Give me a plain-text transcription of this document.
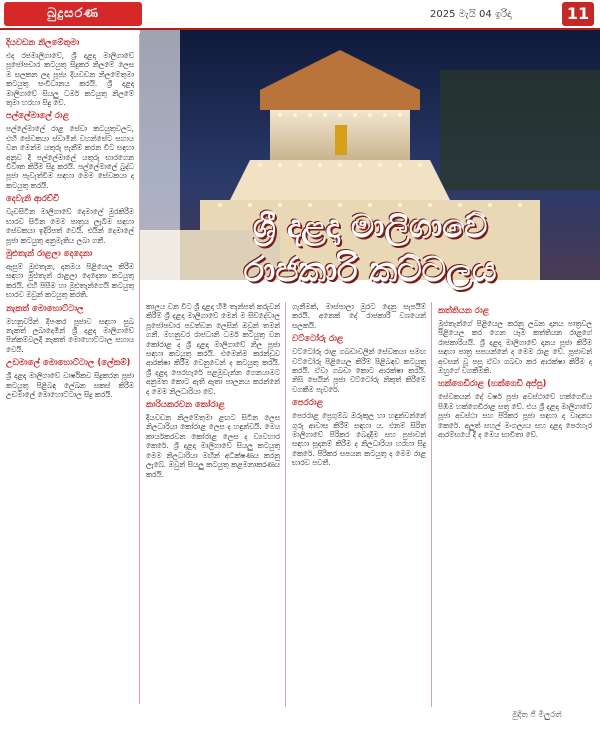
බුදුසරණ	2025 මැයි 04 ඉරිදා	11
ශ්‍රී දළදා මාලිගාවේ
රාජකාරි කට්ටලය
දියවඩන නිලමේතුමා

එදා රජමාලිගාවේ, ශ්‍රී දළදා මාලිගාවේ පූජෝපචාර කටයුතු සිදුකර නිලමේ ලෙස ම සලකන ලද පූජ්‍ය දියවඩන නිලමේතුමා කටයුතු සංවිධානය කරයි. ශ්‍රී දළදා මාලිගාවේ සියලු ධර්ම කටයුතු නිලමේ තුමා හරහා සිදු වේ.

පල්ලේමාලේ රාළ

පල්ලේමාලේ රාළ සේවා කටයුතුවලට, එහි සේවකයා ස්වාමීන් වහන්සේට සහාය වන මෙන්ම යතුරු පැනීම් කරන විට සඳහා අනුව දී පල්ලේමාලේ යතුරු භාරගෙන විවෘත කිරීම සිදු කරයි. පල්ලේමාලේ බුද්ධ පූජා පැවැත්වීම සඳහා මෙම සේවකයා ද කටයුතු කරයි.

දෙවැනි ආරච්චි

වැඩසිටින මාලිගාවේ දෙමාලේ මුරකිරීම භාරව සිටින මෙම පාත්‍රය ලැබීම සඳහා සේවකයා ඉදිරිපත් වෙයි. එයින් දෙමාලේ පූජා කටයුතු අනුමැතිය ලබා ගනී.

මුළුතැන් රාළලා දෙදෙනා

ඇසුම් මුළුතැන, දානමය පිළියෙල කිරීම සඳහා මුළුතැන් රාළලා දෙදෙනා කටයුතු කරයි. එහි පිසීම හා මුළුතැන්ගෙයි කටයුතු භාරව ඔවුන් කටයුතු කරති.

නැකත් මොහොට්ටාල

මහනුවරින් දීපංකර පූජාව සඳහා සුබ නැකත් ලබාදෙමින් ශ්‍රී දළදා මාලිගාවේ පින්කම්වලදී නැකත් මොහොට්ටාල සහාය වෙයි.

උඩමාලේ මොහොට්ටාල (ලේකම්)

ශ්‍රී දළදා මාලිගාවේ වාර්ෂිකව සිදුකරන පූජා කටයුතු පිළිබඳ ලේඛන සකස් කිරීම උඩමාලේ මොහොට්ටාල සිදු කරයි.

කාලය වන විට ශ්‍රී දළදා හිමි තැන්පත් කරුවන් කිරීම් ශ්‍රී දළදා මාලිගාවේ මෙන් ම සිව්දේවාල පූජෝපචාර පවත්වන ලෙසින් ඔවුන් තමන් ගනී. මහනුවර රාජධානි ධර්ම කටයුතු වන කෝරාළ ද ශ්‍රී දළදා මාලිගාවේ නිල පූජා සඳහා කටයුතු කරයි. එමෙන්ම කරන්ඩුව ආරක්ෂා කිරීම වෙනුවෙන් ද කටයුතු කරයි. ශ්‍රී දළදා පෙරහැරේ පළමුවැන්න ගෙනයාමට අනුමත කොට ඇති ඇතා පාලනය කරන්නේ ද මෙම නිලධාරියා වේ.

කාරියකරවන කෝරාළ

දියවඩන නිලමේතුමා ළඟට සිටින ලෙස නිලධාරියා කෝරාළ ලෙස ද හඳුන්වයි. මෙය කාර්යකරවන කෝරාළ ලෙස ද ව්‍යවහාර කෙරේ. ශ්‍රී දළදා මාලිගාවේ සියලු කටයුතු මෙම නිලධාරියා මඟින් අධීක්ෂණය කරනු ලැබේ. ඔවුන් සියලු කටයුතු කළමනාකරණය කරයි.

ගැනීමක්, මාස්පාලා මුරට දෙනු සැපයීම් කරයි. අනෙක් දේ රාජකාරී වශයෙන් සලකයි.

වට්ටෝරු රාළ

වට්ටෝරු රාළ ගබඩාවලින් සේවකයා සමඟ වට්ටෝරු පිළියෙල කිරීම් පිළිබඳව කටයුතු කරයි. ඒවා ගබඩා කොට ආරක්ෂා කරයි. නිසි සෙයින් පූජා වට්ටෝරු නිකුත් කිරීමේ වගකීම පැවරේ.

පෙරරාළ

පෙරරාළ ප්‍රෙගුම්බ ඔරුකුල හා හඳුන්වන්නේ ගුරු ආවාස කිරීම් සඳහා ය. එනම් සිරිත මාලිගාවේ පිරිකර බෙදාදීම සහ පුජාවන් සඳහා සූදානම් කිරීම ද නිලධාරියා හරහා සිදු කෙරේ. පිරිකර සපයන කටයුතු ද මෙම රාළ භාරව පවතී.

කත්තියන රාළ

මුළුතැන්ගේ පිළියෙල කරනු ලබන දානය පාත්‍රවල පිළියෙල කර ගෙන යෑම කත්තියන රාළගේ රාජකාරියයි. ශ්‍රී දළදා මාලිගාවේ දානය පූජා කිරීම සඳහා පාත්‍ර සපයන්නේ ද මෙම රාළ වේ. පූජාවන් අවසන් වූ පසු ඒවා ගබඩා කර ආරක්ෂා කිරීම ද ඔහුගේ වගකීමකි.

හක්ගෙඩිරාළ (හක්ගෙඩි අප්පු)

සේවකයන් දේ වර්ෂ පූජා අවස්ථාවේ හක්ගෙඩිය පිඹීම හක්ගෙඩිරාළ සතු වේ. එය ශ්‍රී දළදා මාලිගාවේ පූජා අවස්ථා සහ පිරිකර පූජා සඳහා ද වාදනය කෙරේ. අලුත් සහල් මංගල්‍යය සහ දළදා පෙරහැර ආරම්භයේ දී ද මෙය භාවිතා වේ.

මුදිත ජි මිලුරත්
